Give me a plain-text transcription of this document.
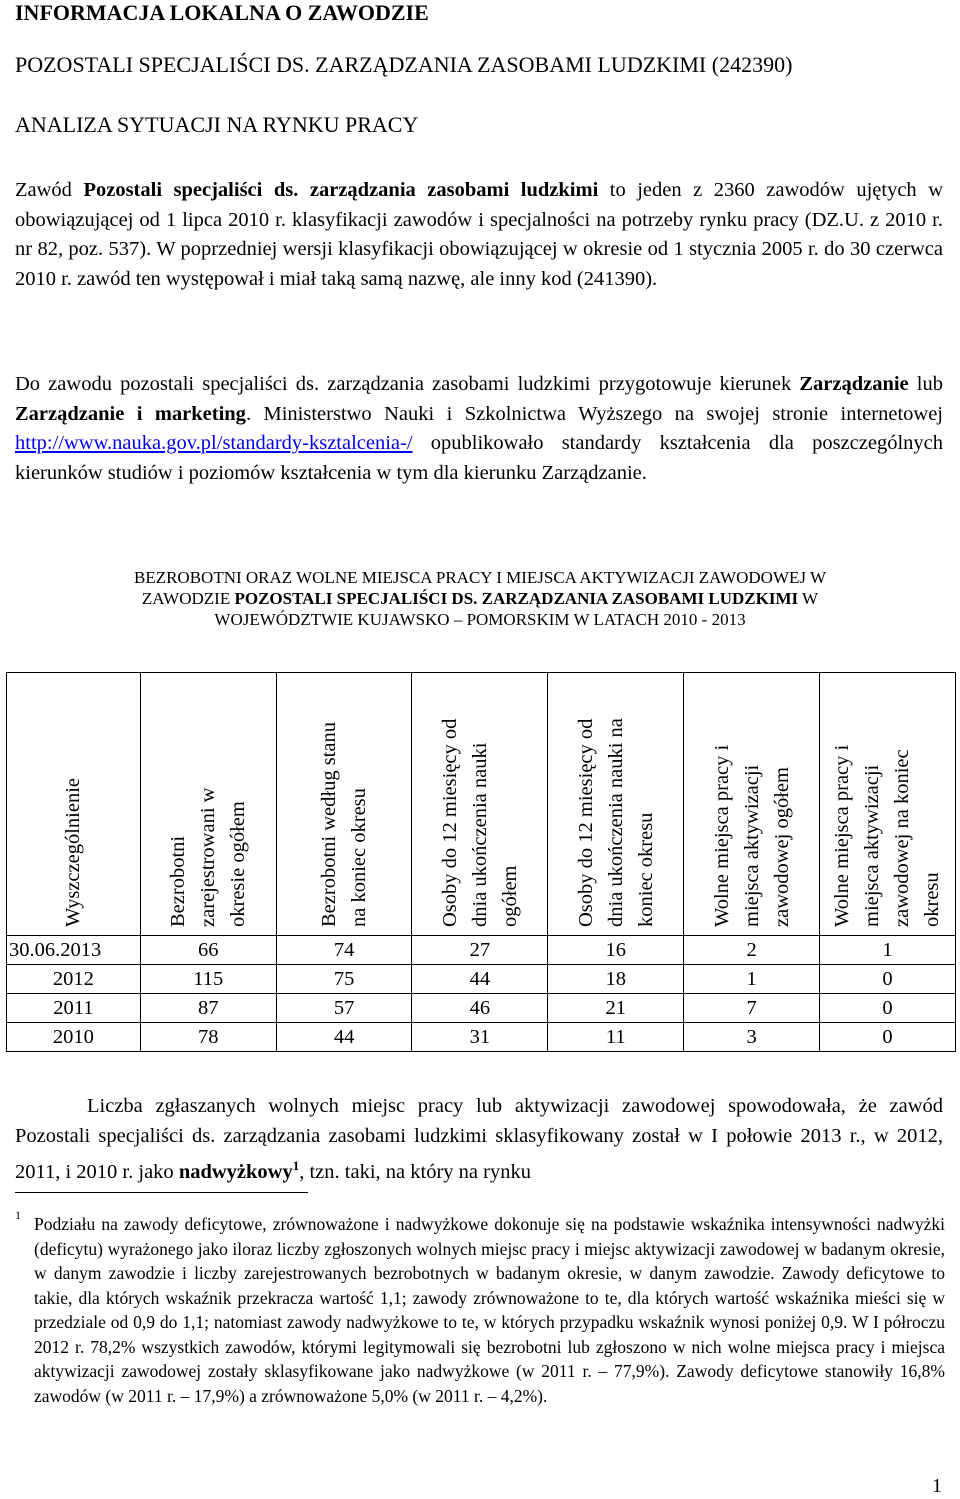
INFORMACJA LOKALNA O ZAWODZIE
POZOSTALI SPECJALIŚCI DS. ZARZĄDZANIA ZASOBAMI LUDZKIMI (242390)
ANALIZA SYTUACJI NA RYNKU PRACY
Zawód Pozostali specjaliści ds. zarządzania zasobami ludzkimi to jeden z 2360 zawodów ujętych w obowiązującej od 1 lipca 2010 r. klasyfikacji zawodów i specjalności na potrzeby rynku pracy (DZ.U. z 2010 r. nr 82, poz. 537). W poprzedniej wersji klasyfikacji obowiązującej w okresie od 1 stycznia 2005 r. do 30 czerwca 2010 r. zawód ten występował i miał taką samą nazwę, ale inny kod (241390).
Do zawodu pozostali specjaliści ds. zarządzania zasobami ludzkimi przygotowuje kierunek Zarządzanie lub Zarządzanie i marketing. Ministerstwo Nauki i Szkolnictwa Wyższego na swojej stronie internetowej http://www.nauka.gov.pl/standardy-ksztalcenia-/ opublikowało standardy kształcenia dla poszczególnych kierunków studiów i poziomów kształcenia w tym dla kierunku Zarządzanie.
BEZROBOTNI ORAZ WOLNE MIEJSCA PRACY I MIEJSCA AKTYWIZACJI ZAWODOWEJ W
ZAWODZIE POZOSTALI SPECJALIŚCI DS. ZARZĄDZANIA ZASOBAMI LUDZKIMI W
WOJEWÓDZTWIE KUJAWSKO – POMORSKIM W LATACH 2010 - 2013
Wyszczególnienie	Bezrobotni zarejestrowani w okresie ogółem	Bezrobotni według stanu na koniec okresu	Osoby do 12 miesięcy od dnia ukończenia nauki ogółem	Osoby do 12 miesięcy od dnia ukończenia nauki na koniec okresu	Wolne miejsca pracy i miejsca aktywizacji zawodowej ogółem	Wolne miejsca pracy i miejsca aktywizacji zawodowej na koniec okresu

30.06.2013	66	74	27	16	2	1
2012	115	75	44	18	1	0
2011	87	57	46	21	7	0
2010	78	44	31	11	3	0
Liczba zgłaszanych wolnych miejsc pracy lub aktywizacji zawodowej spowodowała, że zawód Pozostali specjaliści ds. zarządzania zasobami ludzkimi sklasyfikowany został w I połowie 2013 r., w 2012, 2011, i 2010 r. jako nadwyżkowy$^1$, tzn. taki, na który na rynku
1 Podziału na zawody deficytowe, zrównoważone i nadwyżkowe dokonuje się na podstawie wskaźnika intensywności nadwyżki (deficytu) wyrażonego jako iloraz liczby zgłoszonych wolnych miejsc pracy i miejsc aktywizacji zawodowej w badanym okresie, w danym zawodzie i liczby zarejestrowanych bezrobotnych w badanym okresie, w danym zawodzie. Zawody deficytowe to takie, dla których wskaźnik przekracza wartość 1,1; zawody zrównoważone to te, dla których wartość wskaźnika mieści się w przedziale od 0,9 do 1,1; natomiast zawody nadwyżkowe to te, w których przypadku wskaźnik wynosi poniżej 0,9. W I półroczu 2012 r. 78,2% wszystkich zawodów, którymi legitymowali się bezrobotni lub zgłoszono w nich wolne miejsca pracy i miejsca aktywizacji zawodowej zostały sklasyfikowane jako nadwyżkowe (w 2011 r. – 77,9%). Zawody deficytowe stanowiły 16,8% zawodów (w 2011 r. – 17,9%) a zrównoważone 5,0% (w 2011 r. – 4,2%).
1
